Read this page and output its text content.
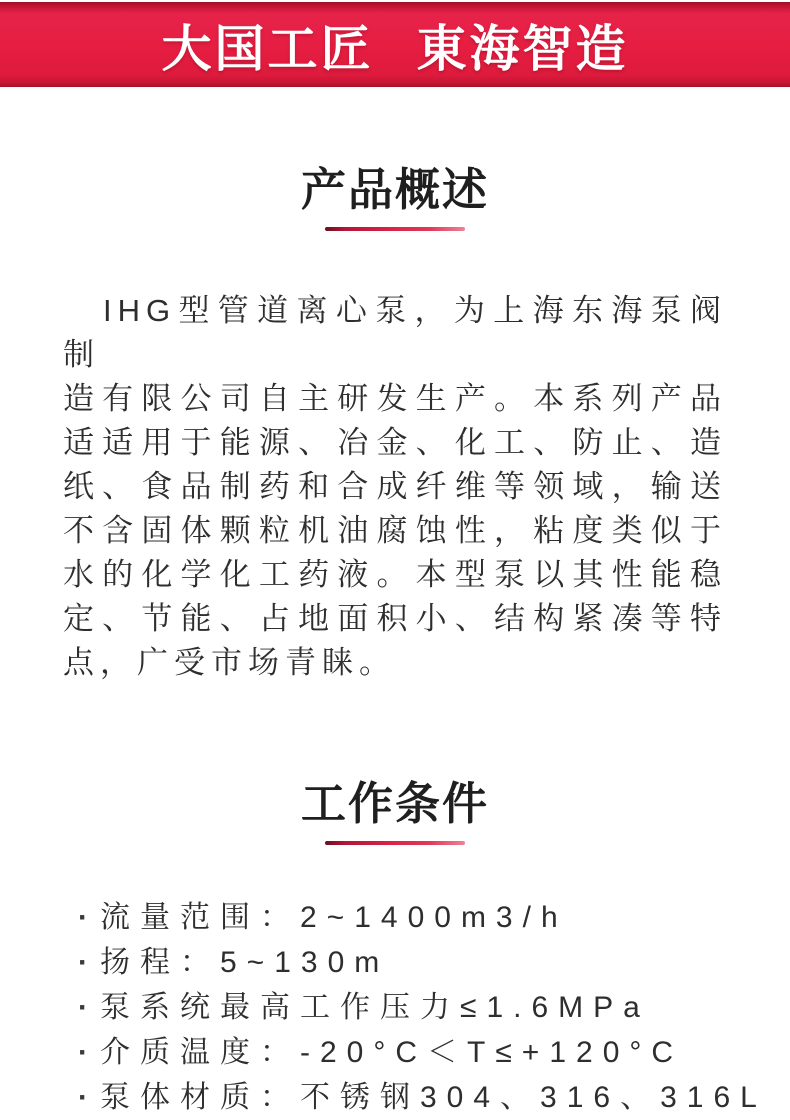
大国工匠 東海智造
产品概述
IHG型管道离心泵，为上海东海泵阀制
造有限公司自主研发生产。本系列产品
适适用于能源、冶金、化工、防止、造
纸、食品制药和合成纤维等领域，输送
不含固体颗粒机油腐蚀性，粘度类似于
水的化学化工药液。本型泵以其性能稳
定、节能、占地面积小、结构紧凑等特
点，广受市场青睐。
工作条件
· 流量范围：2~1400m3/h
· 扬程：5~130m
· 泵系统最高工作压力≤1.6MPa
· 介质温度：-20°C＜T≤+120°C
· 泵体材质：不锈钢304、316、316L
